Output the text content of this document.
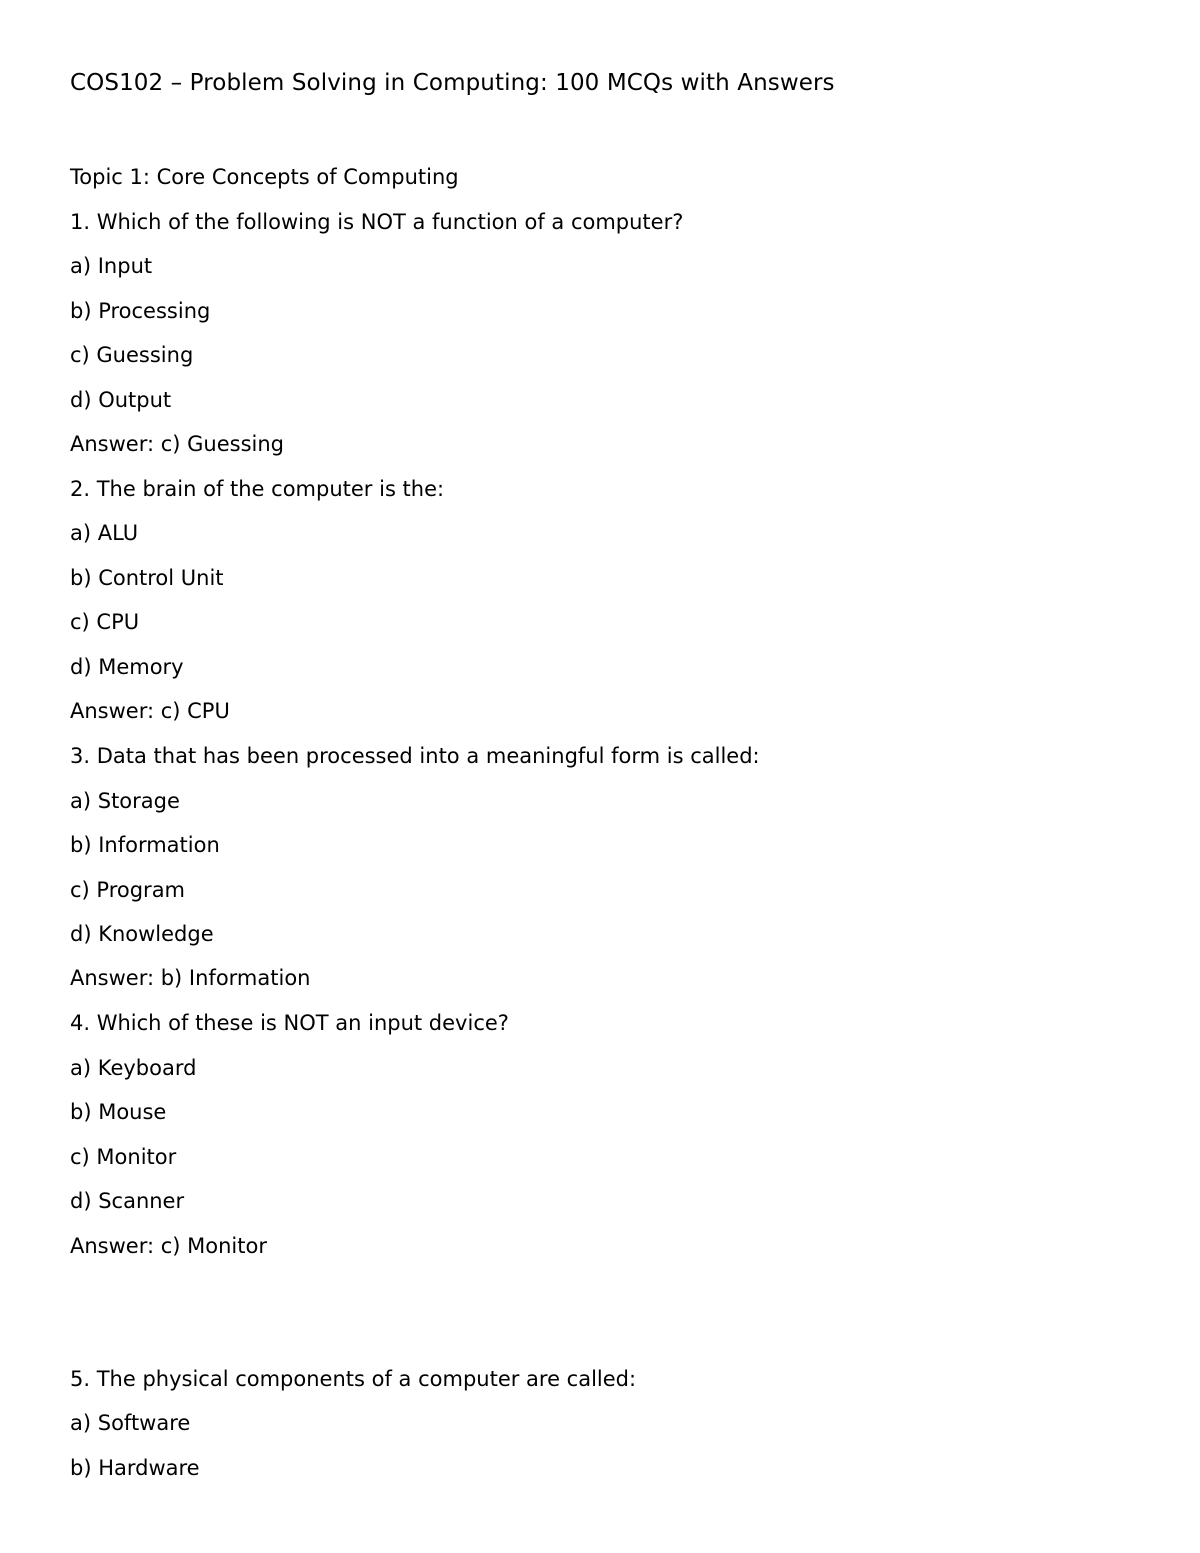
COS102 – Problem Solving in Computing: 100 MCQs with Answers
Topic 1: Core Concepts of Computing
1. Which of the following is NOT a function of a computer?
a) Input
b) Processing
c) Guessing
d) Output
Answer: c) Guessing
2. The brain of the computer is the:
a) ALU
b) Control Unit
c) CPU
d) Memory
Answer: c) CPU
3. Data that has been processed into a meaningful form is called:
a) Storage
b) Information
c) Program
d) Knowledge
Answer: b) Information
4. Which of these is NOT an input device?
a) Keyboard
b) Mouse
c) Monitor
d) Scanner
Answer: c) Monitor
5. The physical components of a computer are called:
a) Software
b) Hardware
